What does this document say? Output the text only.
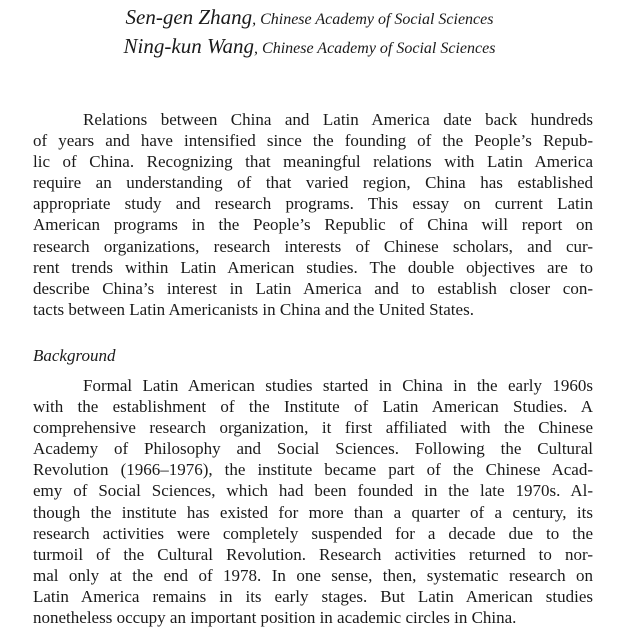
Sen-gen Zhang, Chinese Academy of Social Sciences
Ning-kun Wang, Chinese Academy of Social Sciences
Relations between China and Latin America date back hundreds
of years and have intensified since the founding of the People’s Repub-
lic of China. Recognizing that meaningful relations with Latin America
require an understanding of that varied region, China has established
appropriate study and research programs. This essay on current Latin
American programs in the People’s Republic of China will report on
research organizations, research interests of Chinese scholars, and cur-
rent trends within Latin American studies. The double objectives are to
describe China’s interest in Latin America and to establish closer con-
tacts between Latin Americanists in China and the United States.
Background
Formal Latin American studies started in China in the early 1960s
with the establishment of the Institute of Latin American Studies. A
comprehensive research organization, it first affiliated with the Chinese
Academy of Philosophy and Social Sciences. Following the Cultural
Revolution (1966–1976), the institute became part of the Chinese Acad-
emy of Social Sciences, which had been founded in the late 1970s. Al-
though the institute has existed for more than a quarter of a century, its
research activities were completely suspended for a decade due to the
turmoil of the Cultural Revolution. Research activities returned to nor-
mal only at the end of 1978. In one sense, then, systematic research on
Latin America remains in its early stages. But Latin American studies
nonetheless occupy an important position in academic circles in China.
